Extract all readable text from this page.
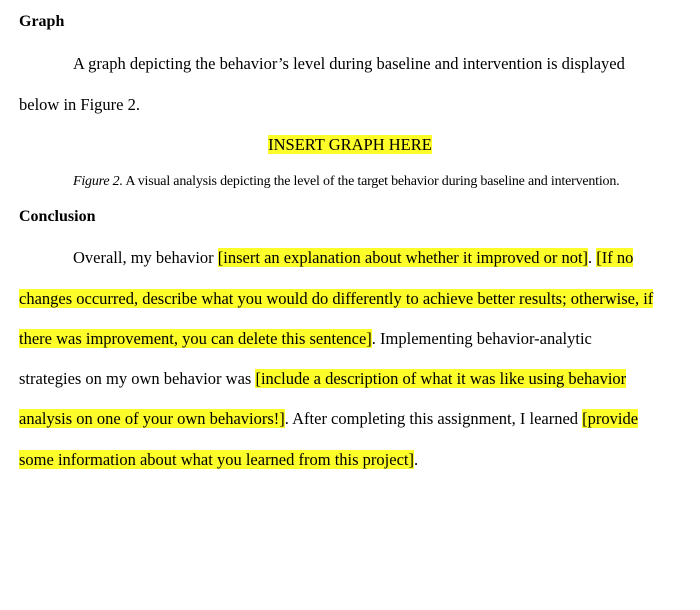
Graph

A graph depicting the behavior’s level during baseline and intervention is displayed

below in Figure 2.

INSERT GRAPH HERE

Figure 2. A visual analysis depicting the level of the target behavior during baseline and intervention.

Conclusion

Overall, my behavior [insert an explanation about whether it improved or not]. [If no

changes occurred, describe what you would do differently to achieve better results; otherwise, if

there was improvement, you can delete this sentence]. Implementing behavior-analytic

strategies on my own behavior was [include a description of what it was like using behavior

analysis on one of your own behaviors!]. After completing this assignment, I learned [provide

some information about what you learned from this project].
